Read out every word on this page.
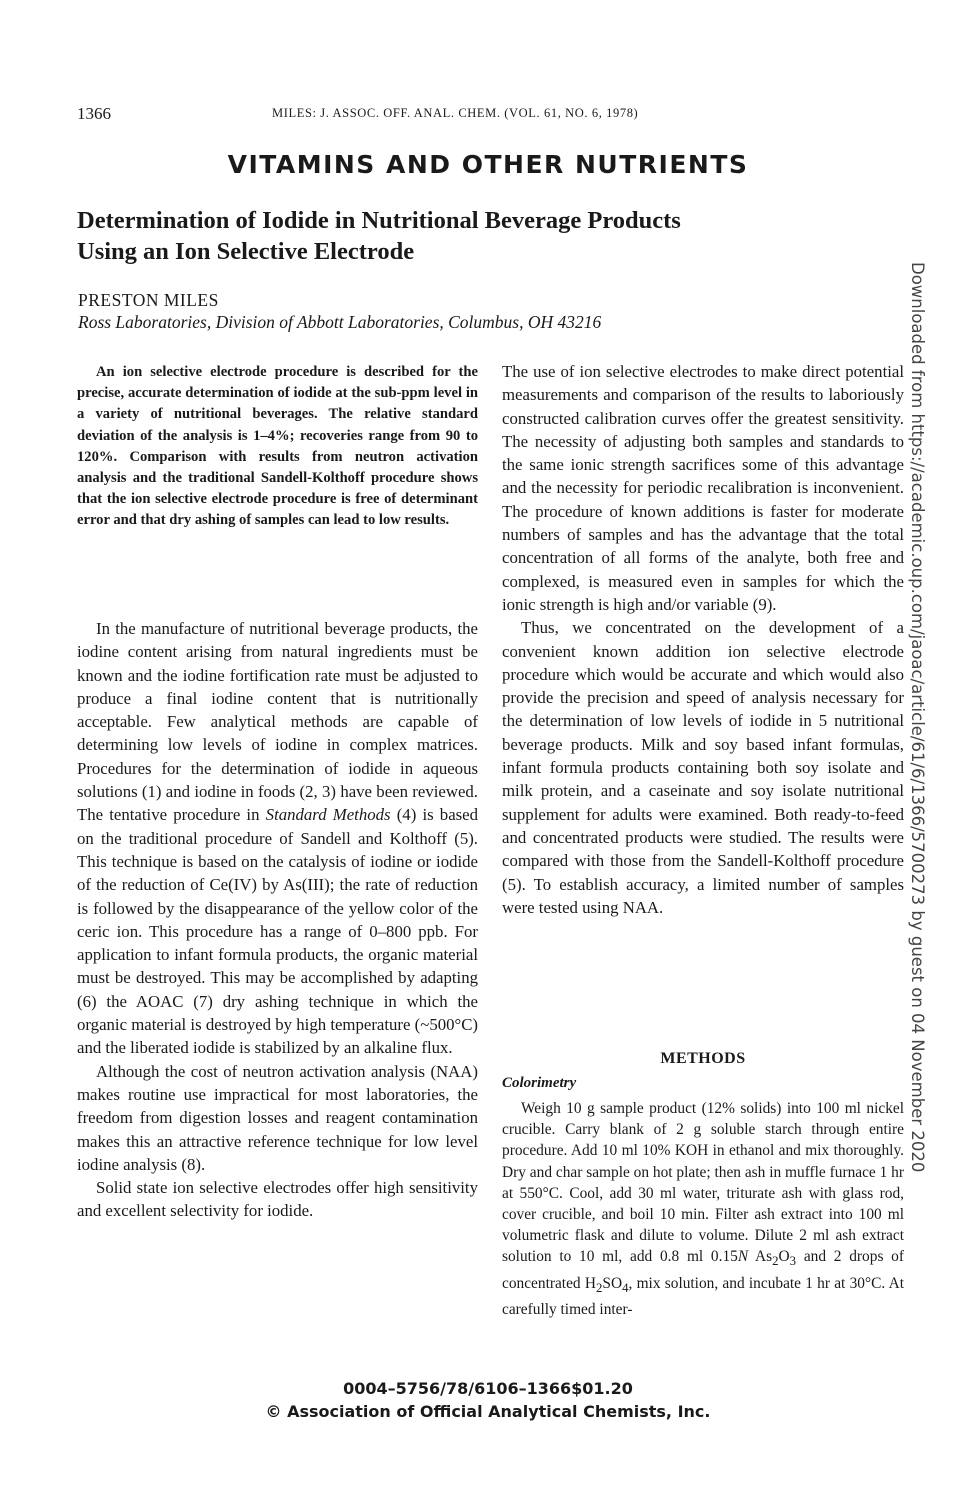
1366	MILES: J. ASSOC. OFF. ANAL. CHEM. (VOL. 61, NO. 6, 1978)
VITAMINS AND OTHER NUTRIENTS
Determination of Iodide in Nutritional Beverage Products
Using an Ion Selective Electrode
PRESTON MILES
Ross Laboratories, Division of Abbott Laboratories, Columbus, OH 43216

An ion selective electrode procedure is described for the precise, accurate determination of iodide at the sub-ppm level in a variety of nutritional beverages. The relative standard deviation of the analysis is 1–4%; recoveries range from 90 to 120%. Comparison with results from neutron activation analysis and the traditional Sandell-Kolthoff procedure shows that the ion selective electrode procedure is free of determinant error and that dry ashing of samples can lead to low results.

In the manufacture of nutritional beverage products, the iodine content arising from natural ingredients must be known and the iodine fortification rate must be adjusted to produce a final iodine content that is nutritionally acceptable. Few analytical methods are capable of determining low levels of iodine in complex matrices. Procedures for the determination of iodide in aqueous solutions (1) and iodine in foods (2, 3) have been reviewed. The tentative procedure in Standard Methods (4) is based on the traditional procedure of Sandell and Kolthoff (5). This technique is based on the catalysis of iodine or iodide of the reduction of Ce(IV) by As(III); the rate of reduction is followed by the disappearance of the yellow color of the ceric ion. This procedure has a range of 0–800 ppb. For application to infant formula products, the organic material must be destroyed. This may be accomplished by adapting (6) the AOAC (7) dry ashing technique in which the organic material is destroyed by high temperature (~500°C) and the liberated iodide is stabilized by an alkaline flux.

Although the cost of neutron activation analysis (NAA) makes routine use impractical for most laboratories, the freedom from digestion losses and reagent contamination makes this an attractive reference technique for low level iodine analysis (8).

Solid state ion selective electrodes offer high sensitivity and excellent selectivity for iodide.

The use of ion selective electrodes to make direct potential measurements and comparison of the results to laboriously constructed calibration curves offer the greatest sensitivity. The necessity of adjusting both samples and standards to the same ionic strength sacrifices some of this advantage and the necessity for periodic recalibration is inconvenient. The procedure of known additions is faster for moderate numbers of samples and has the advantage that the total concentration of all forms of the analyte, both free and complexed, is measured even in samples for which the ionic strength is high and/or variable (9).

Thus, we concentrated on the development of a convenient known addition ion selective electrode procedure which would be accurate and which would also provide the precision and speed of analysis necessary for the determination of low levels of iodide in 5 nutritional beverage products. Milk and soy based infant formulas, infant formula products containing both soy isolate and milk protein, and a caseinate and soy isolate nutritional supplement for adults were examined. Both ready-to-feed and concentrated products were studied. The results were compared with those from the Sandell-Kolthoff procedure (5). To establish accuracy, a limited number of samples were tested using NAA.

METHODS
Colorimetry

Weigh 10 g sample product (12% solids) into 100 ml nickel crucible. Carry blank of 2 g soluble starch through entire procedure. Add 10 ml 10% KOH in ethanol and mix thoroughly. Dry and char sample on hot plate; then ash in muffle furnace 1 hr at 550°C. Cool, add 30 ml water, triturate ash with glass rod, cover crucible, and boil 10 min. Filter ash extract into 100 ml volumetric flask and dilute to volume. Dilute 2 ml ash extract solution to 10 ml, add 0.8 ml 0.15N $As_2O_3$ and 2 drops of concentrated $H_2SO_4$, mix solution, and incubate 1 hr at 30°C. At carefully timed inter-

0004–5756/78/6106–1366$01.20
© Association of Official Analytical Chemists, Inc.
Downloaded from https://academic.oup.com/jaoac/article/61/6/1366/5700273 by guest on 04 November 2020
